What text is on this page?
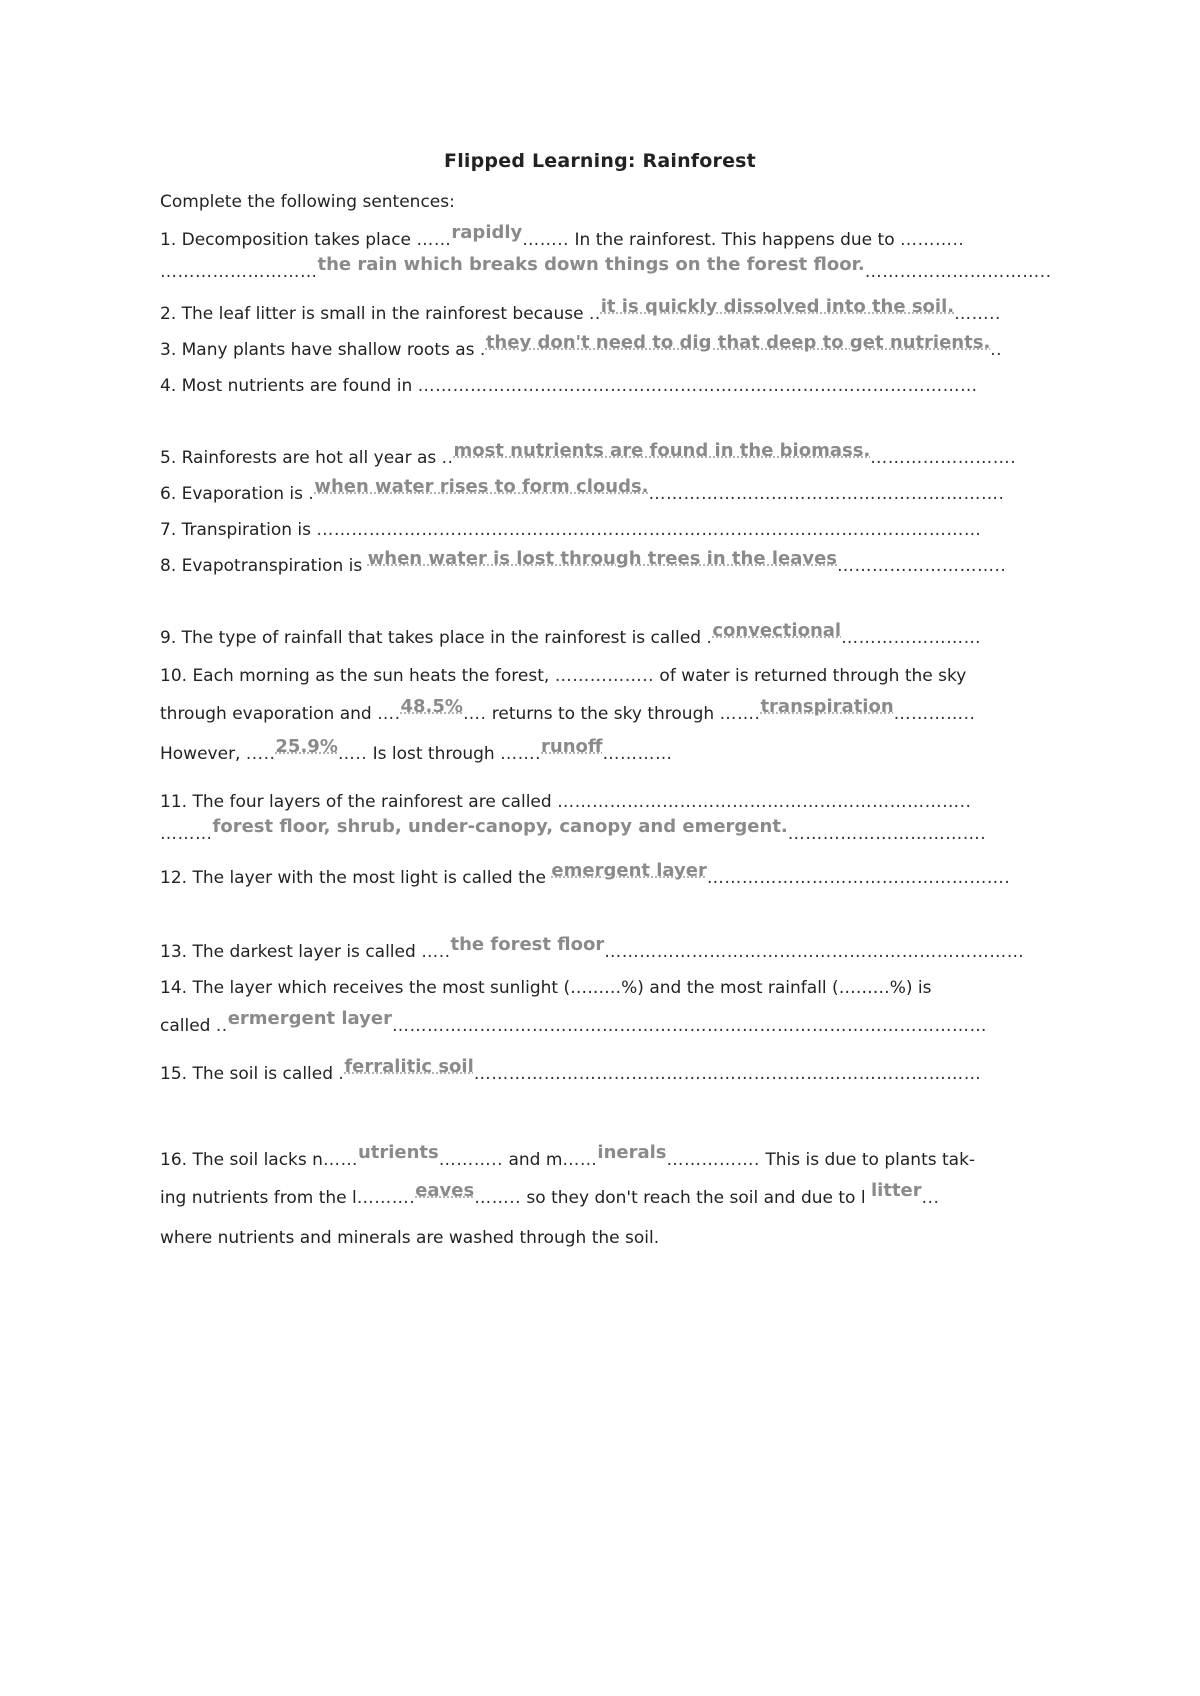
Flipped Learning: Rainforest
Complete the following sentences:
1. Decomposition takes place ……rapidly…….. In the rainforest. This happens due to ………..
………………………the rain which breaks down things on the forest floor.…………………………..
2. The leaf litter is small in the rainforest because ..it is quickly dissolved into the soil.……..
3. Many plants have shallow roots as .they don't need to dig that deep to get nutrients...
4. Most nutrients are found in ……………………………………………………………………………………
5. Rainforests are hot all year as ..most nutrients are found in the biomass.…………………….
6. Evaporation is .when water rises to form clouds.…………………………………………………….
7. Transpiration is ……………………………………………………………………………………………………
8. Evapotranspiration is when water is lost through trees in the leaves………………………..
9. The type of rainfall that takes place in the rainforest is called .convectional……………………
10. Each morning as the sun heats the forest, …………….. of water is returned through the sky
through evaporation and ….48.5%…. returns to the sky through …….transpiration…………..
However, .....25.9%….. Is lost through …….runoff…………
11. The four layers of the rainforest are called ……………………………………………………………..
………forest floor, shrub, under-canopy, canopy and emergent.…………………………….
12. The layer with the most light is called the emergent layer…………………………………………….
13. The darkest layer is called …..the forest floor………………………………………………………………
14. The layer which receives the most sunlight (………%) and the most rainfall (………%) is
called ..ermergent layer…………………………………………………………………………………………
15. The soil is called .ferralitic soil……………………………………………………………………………
16. The soil lacks n……utrients……….. and m……inerals……………. This is due to plants tak-
ing nutrients from the l……….eaves…….. so they don't reach the soil and due to l litter...
where nutrients and minerals are washed through the soil.
